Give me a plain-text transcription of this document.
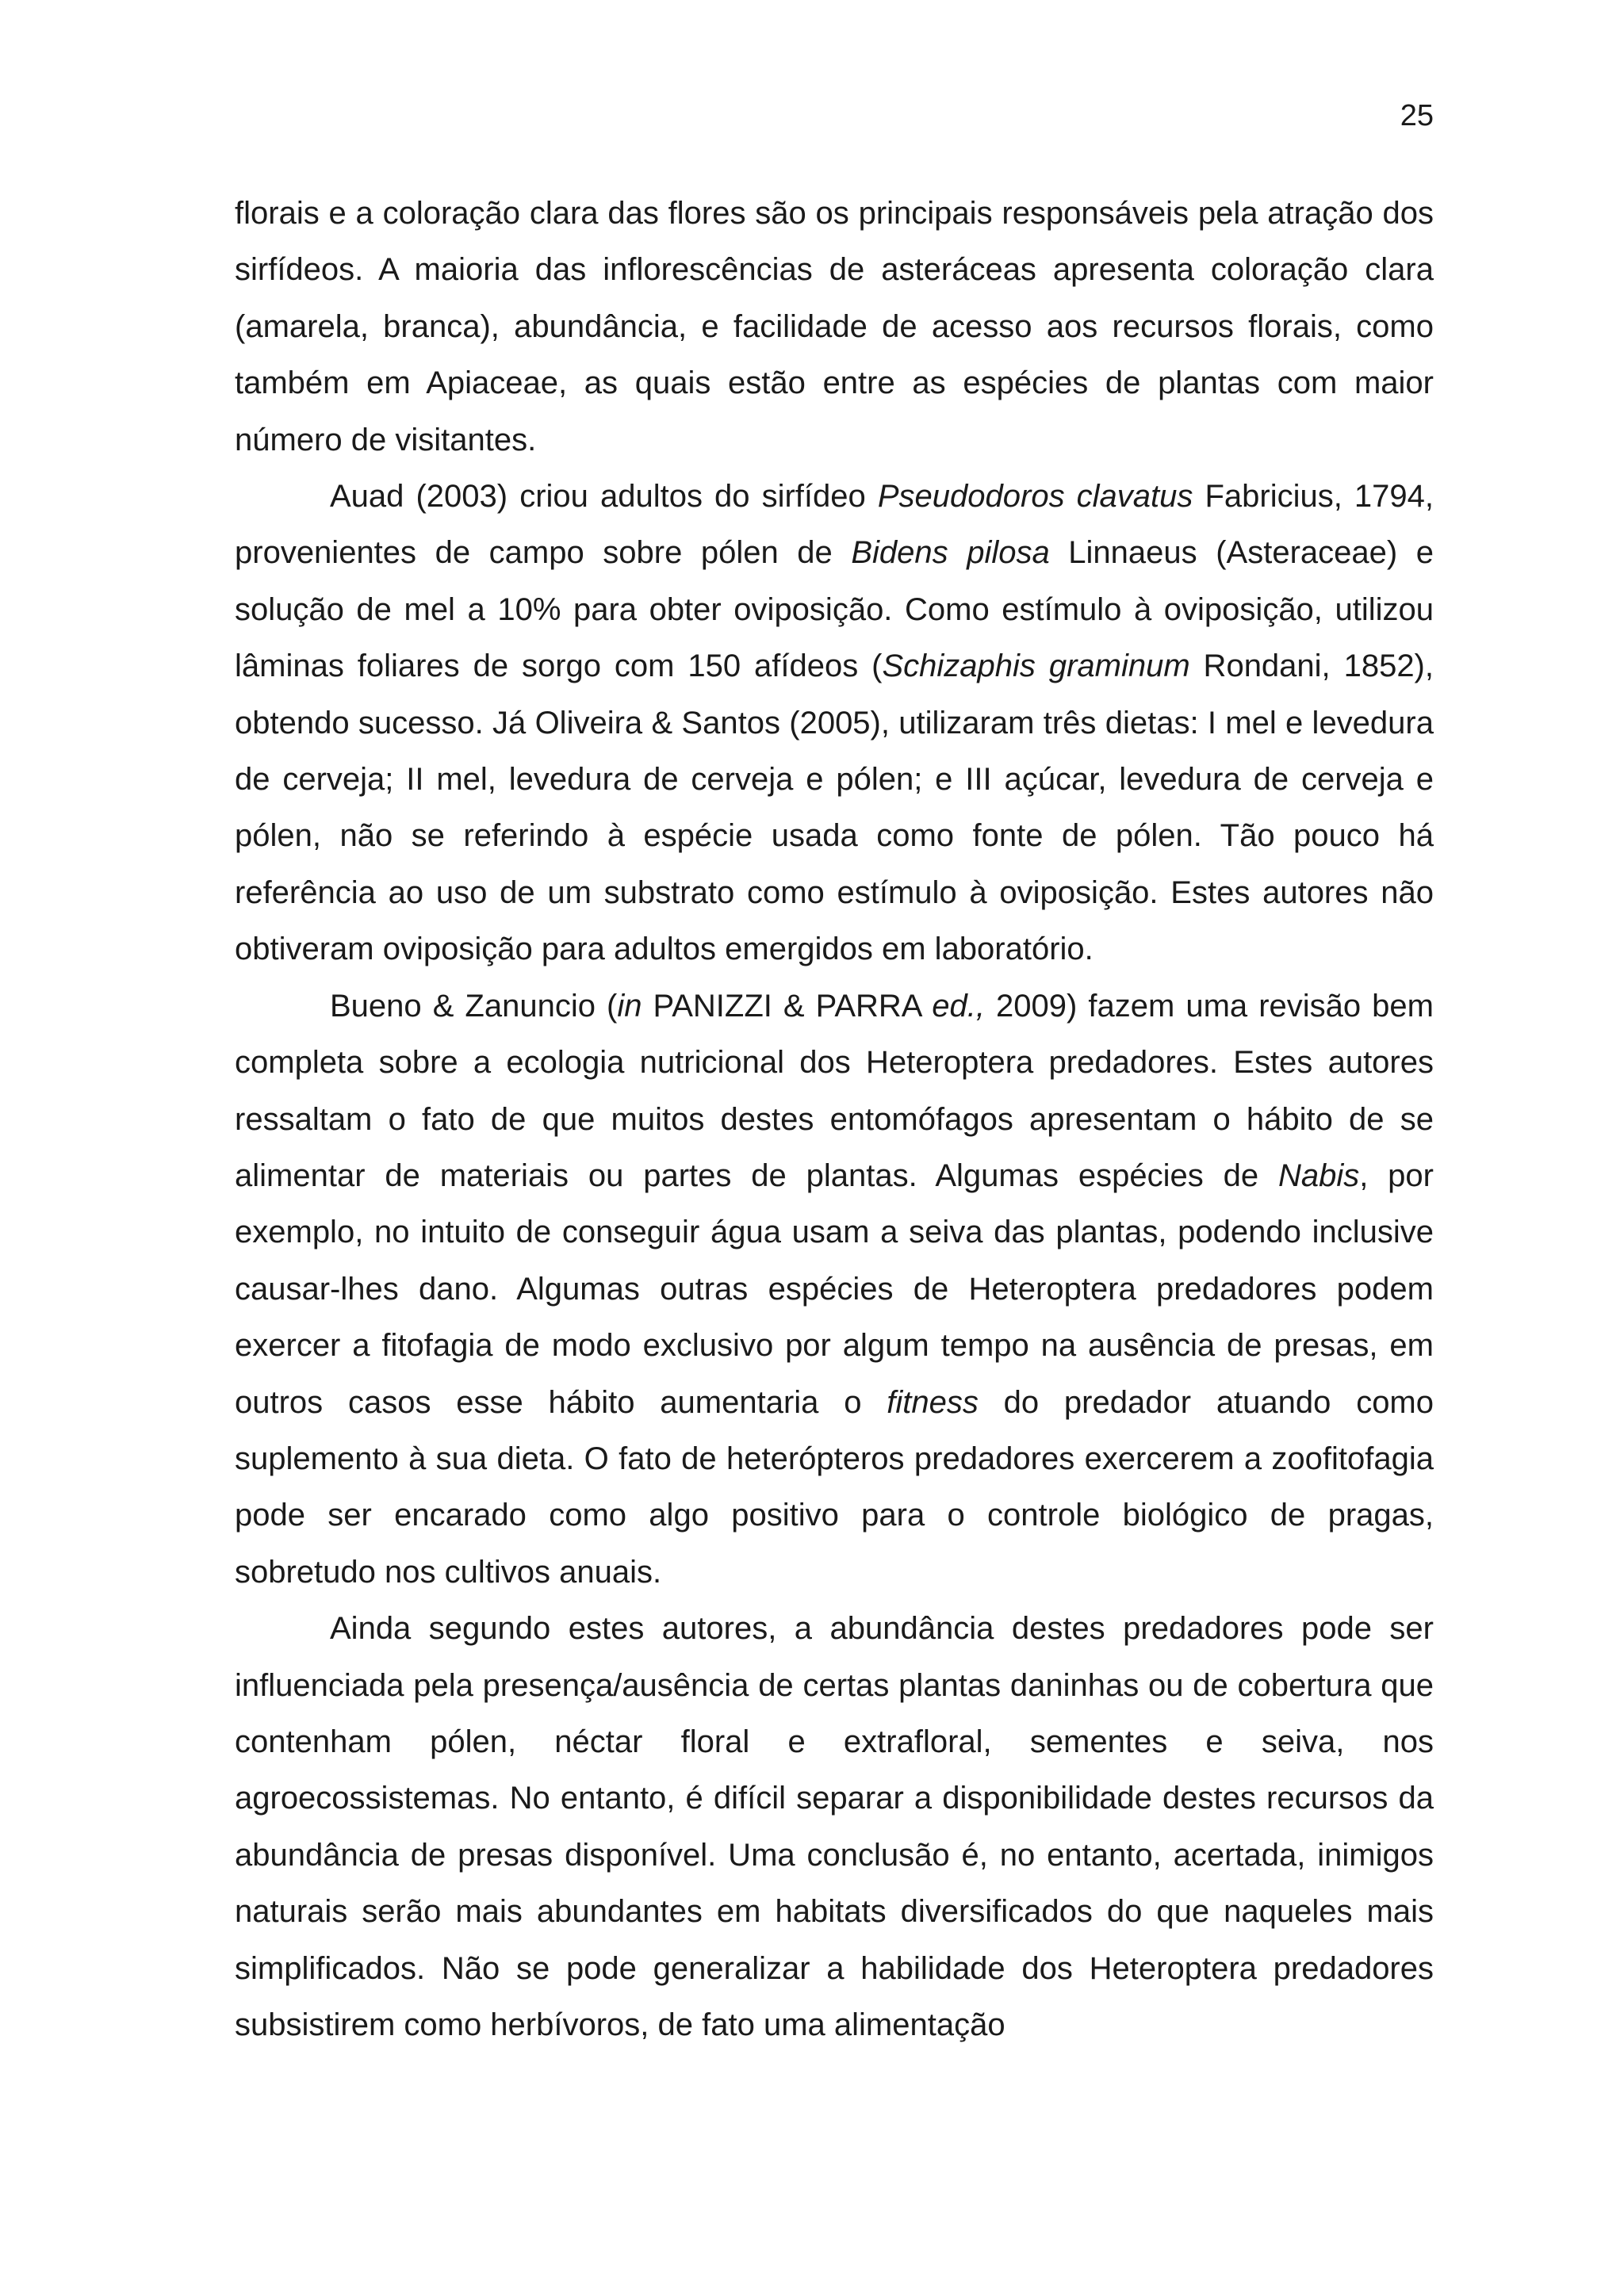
25

florais e a coloração clara das flores são os principais responsáveis pela atração dos sirfídeos. A maioria das inflorescências de asteráceas apresenta coloração clara (amarela, branca), abundância, e facilidade de acesso aos recursos florais, como também em Apiaceae, as quais estão entre as espécies de plantas com maior número de visitantes.

Auad (2003) criou adultos do sirfídeo Pseudodoros clavatus Fabricius, 1794, provenientes de campo sobre pólen de Bidens pilosa Linnaeus (Asteraceae) e solução de mel a 10% para obter oviposição. Como estímulo à oviposição, utilizou lâminas foliares de sorgo com 150 afídeos (Schizaphis graminum Rondani, 1852), obtendo sucesso. Já Oliveira & Santos (2005), utilizaram três dietas: I mel e levedura de cerveja; II mel, levedura de cerveja e pólen; e III açúcar, levedura de cerveja e pólen, não se referindo à espécie usada como fonte de pólen. Tão pouco há referência ao uso de um substrato como estímulo à oviposição. Estes autores não obtiveram oviposição para adultos emergidos em laboratório.

Bueno & Zanuncio (in PANIZZI & PARRA ed., 2009) fazem uma revisão bem completa sobre a ecologia nutricional dos Heteroptera predadores. Estes autores ressaltam o fato de que muitos destes entomófagos apresentam o hábito de se alimentar de materiais ou partes de plantas. Algumas espécies de Nabis, por exemplo, no intuito de conseguir água usam a seiva das plantas, podendo inclusive causar-lhes dano. Algumas outras espécies de Heteroptera predadores podem exercer a fitofagia de modo exclusivo por algum tempo na ausência de presas, em outros casos esse hábito aumentaria o fitness do predador atuando como suplemento à sua dieta. O fato de heterópteros predadores exercerem a zoofitofagia pode ser encarado como algo positivo para o controle biológico de pragas, sobretudo nos cultivos anuais.

Ainda segundo estes autores, a abundância destes predadores pode ser influenciada pela presença/ausência de certas plantas daninhas ou de cobertura que contenham pólen, néctar floral e extrafloral, sementes e seiva, nos agroecossistemas. No entanto, é difícil separar a disponibilidade destes recursos da abundância de presas disponível. Uma conclusão é, no entanto, acertada, inimigos naturais serão mais abundantes em habitats diversificados do que naqueles mais simplificados. Não se pode generalizar a habilidade dos Heteroptera predadores subsistirem como herbívoros, de fato uma alimentação
